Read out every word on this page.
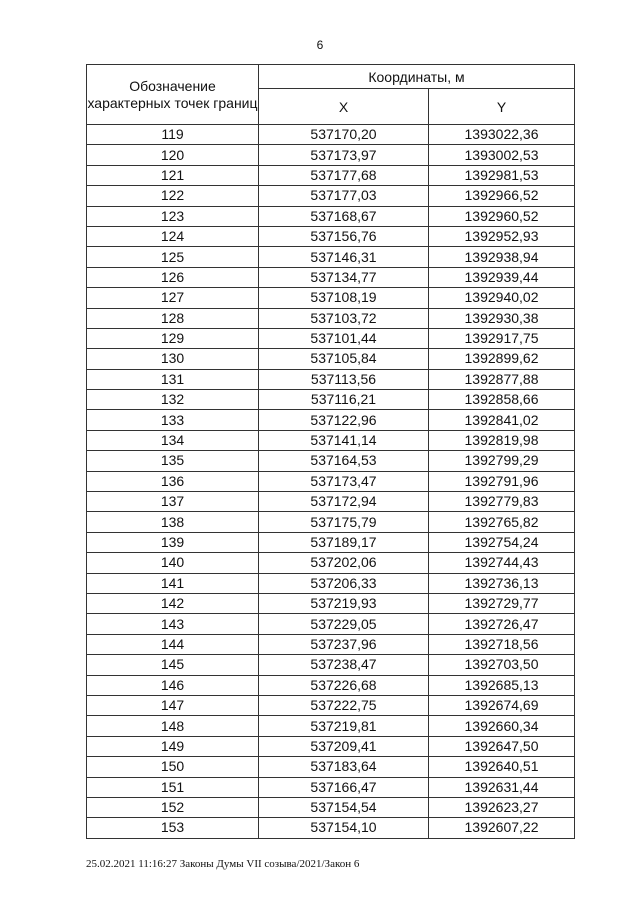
6
Обозначение характерных точек границ	Координаты, м	
	X	Y
119	537170,20	1393022,36
120	537173,97	1393002,53
121	537177,68	1392981,53
122	537177,03	1392966,52
123	537168,67	1392960,52
124	537156,76	1392952,93
125	537146,31	1392938,94
126	537134,77	1392939,44
127	537108,19	1392940,02
128	537103,72	1392930,38
129	537101,44	1392917,75
130	537105,84	1392899,62
131	537113,56	1392877,88
132	537116,21	1392858,66
133	537122,96	1392841,02
134	537141,14	1392819,98
135	537164,53	1392799,29
136	537173,47	1392791,96
137	537172,94	1392779,83
138	537175,79	1392765,82
139	537189,17	1392754,24
140	537202,06	1392744,43
141	537206,33	1392736,13
142	537219,93	1392729,77
143	537229,05	1392726,47
144	537237,96	1392718,56
145	537238,47	1392703,50
146	537226,68	1392685,13
147	537222,75	1392674,69
148	537219,81	1392660,34
149	537209,41	1392647,50
150	537183,64	1392640,51
151	537166,47	1392631,44
152	537154,54	1392623,27
153	537154,10	1392607,22
25.02.2021 11:16:27 Законы Думы VII созыва/2021/Закон 6
